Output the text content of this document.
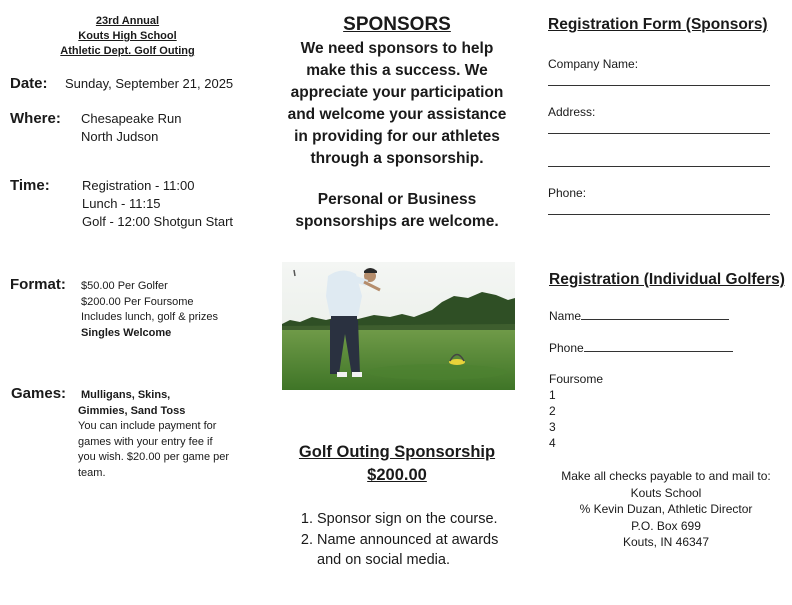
23rd Annual
Kouts High School
Athletic Dept. Golf Outing
Date: Sunday, September 21, 2025
Where: Chesapeake Run
North Judson
Time: Registration - 11:00
Lunch - 11:15
Golf - 12:00 Shotgun Start
Format: $50.00 Per Golfer
$200.00 Per Foursome
Includes lunch, golf & prizes
Singles Welcome
Games: Mulligans, Skins,
Gimmies, Sand Toss
You can include payment for
games with your entry fee if
you wish. $20.00 per game per
team.
SPONSORS
We need sponsors to help
make this a success. We
appreciate your participation
and welcome your assistance
in providing for our athletes
through a sponsorship.
Personal or Business
sponsorships are welcome.
Golf Outing Sponsorship
$200.00
1. Sponsor sign on the course.
2. Name announced at awards
and on social media.
Registration Form (Sponsors)
Company Name:
Address:
Phone:
Registration (Individual Golfers)
Name
Phone
Foursome
1
2
3
4
Make all checks payable to and mail to:
Kouts School
% Kevin Duzan, Athletic Director
P.O. Box 699
Kouts, IN 46347
